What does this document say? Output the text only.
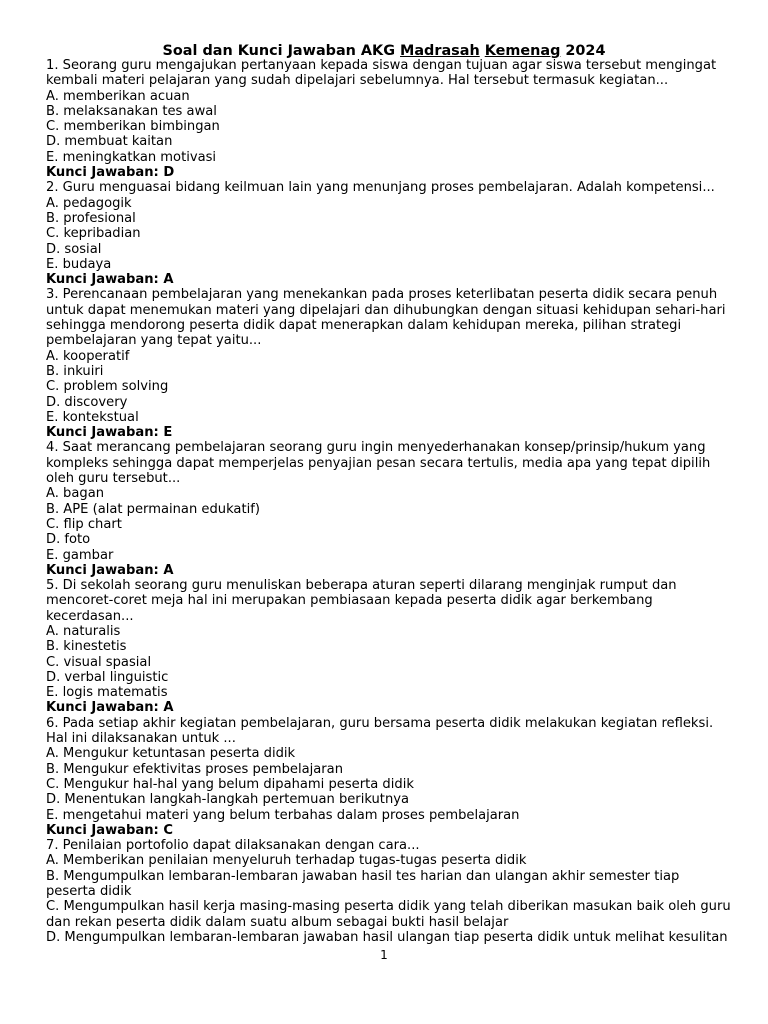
Soal dan Kunci Jawaban AKG Madrasah Kemenag 2024
1. Seorang guru mengajukan pertanyaan kepada siswa dengan tujuan agar siswa tersebut mengingat
kembali materi pelajaran yang sudah dipelajari sebelumnya. Hal tersebut termasuk kegiatan...
A. memberikan acuan
B. melaksanakan tes awal
C. memberikan bimbingan
D. membuat kaitan
E. meningkatkan motivasi
Kunci Jawaban: D
2. Guru menguasai bidang keilmuan lain yang menunjang proses pembelajaran. Adalah kompetensi...
A. pedagogik
B. profesional
C. kepribadian
D. sosial
E. budaya
Kunci Jawaban: A
3. Perencanaan pembelajaran yang menekankan pada proses keterlibatan peserta didik secara penuh
untuk dapat menemukan materi yang dipelajari dan dihubungkan dengan situasi kehidupan sehari-hari
sehingga mendorong peserta didik dapat menerapkan dalam kehidupan mereka, pilihan strategi
pembelajaran yang tepat yaitu...
A. kooperatif
B. inkuiri
C. problem solving
D. discovery
E. kontekstual
Kunci Jawaban: E
4. Saat merancang pembelajaran seorang guru ingin menyederhanakan konsep/prinsip/hukum yang
kompleks sehingga dapat memperjelas penyajian pesan secara tertulis, media apa yang tepat dipilih
oleh guru tersebut...
A. bagan
B. APE (alat permainan edukatif)
C. flip chart
D. foto
E. gambar
Kunci Jawaban: A
5. Di sekolah seorang guru menuliskan beberapa aturan seperti dilarang menginjak rumput dan
mencoret-coret meja hal ini merupakan pembiasaan kepada peserta didik agar berkembang
kecerdasan...
A. naturalis
B. kinestetis
C. visual spasial
D. verbal linguistic
E. logis matematis
Kunci Jawaban: A
6. Pada setiap akhir kegiatan pembelajaran, guru bersama peserta didik melakukan kegiatan refleksi.
Hal ini dilaksanakan untuk ...
A. Mengukur ketuntasan peserta didik
B. Mengukur efektivitas proses pembelajaran
C. Mengukur hal-hal yang belum dipahami peserta didik
D. Menentukan langkah-langkah pertemuan berikutnya
E. mengetahui materi yang belum terbahas dalam proses pembelajaran
Kunci Jawaban: C
7. Penilaian portofolio dapat dilaksanakan dengan cara...
A. Memberikan penilaian menyeluruh terhadap tugas-tugas peserta didik
B. Mengumpulkan lembaran-lembaran jawaban hasil tes harian dan ulangan akhir semester tiap
peserta didik
C. Mengumpulkan hasil kerja masing-masing peserta didik yang telah diberikan masukan baik oleh guru
dan rekan peserta didik dalam suatu album sebagai bukti hasil belajar
D. Mengumpulkan lembaran-lembaran jawaban hasil ulangan tiap peserta didik untuk melihat kesulitan
1
